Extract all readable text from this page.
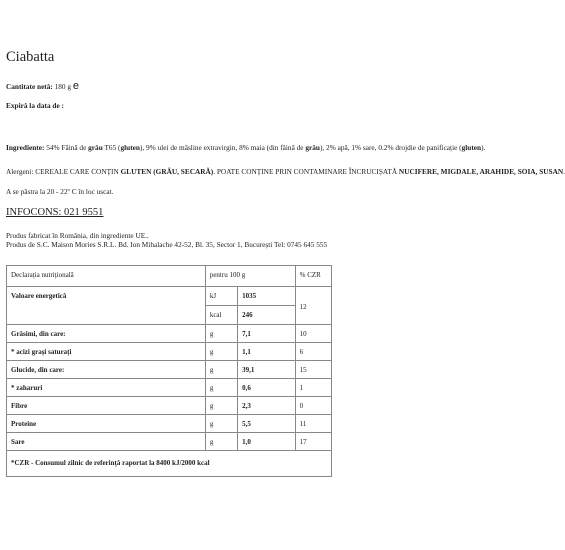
Ciabatta
Cantitate netă: 180 g e
Expiră la data de :
Ingrediente: 54% Făină de grâu T65 (gluten), 9% ulei de măsline extravirgin, 8% maia (din făină de grâu), 2% apă, 1% sare, 0.2% drojdie de panificație (gluten).
Alergeni: CEREALE CARE CONȚIN GLUTEN (GRÂU, SECARĂ). POATE CONȚINE PRIN CONTAMINARE ÎNCRUCIȘATĂ NUCIFERE, MIGDALE, ARAHIDE, SOIA, SUSAN.
A se păstra la 20 - 22º C în loc uscat.
INFOCONS: 021 9551
Produs fabricat în România, din ingrediente UE..
Produs de S.C. Maison Mories S.R.L. Bd. Ion Mihalache 42-52, Bl. 35, Sector 1, București Tel: 0745 645 555
Declarația nutrițională	pentru 100 g		% CZR
Valoare energetică	kJ	1035	12
	kcal	246	
Grăsimi, din care:	g	7,1	10
* acizi grași saturați	g	1,1	6
Glucide, din care:	g	39,1	15
* zaharuri	g	0,6	1
Fibre	g	2,3	0
Proteine	g	5,5	11
Sare	g	1,0	17
*CZR - Consumul zilnic de referință raportat la 8400 kJ/2000 kcal			
